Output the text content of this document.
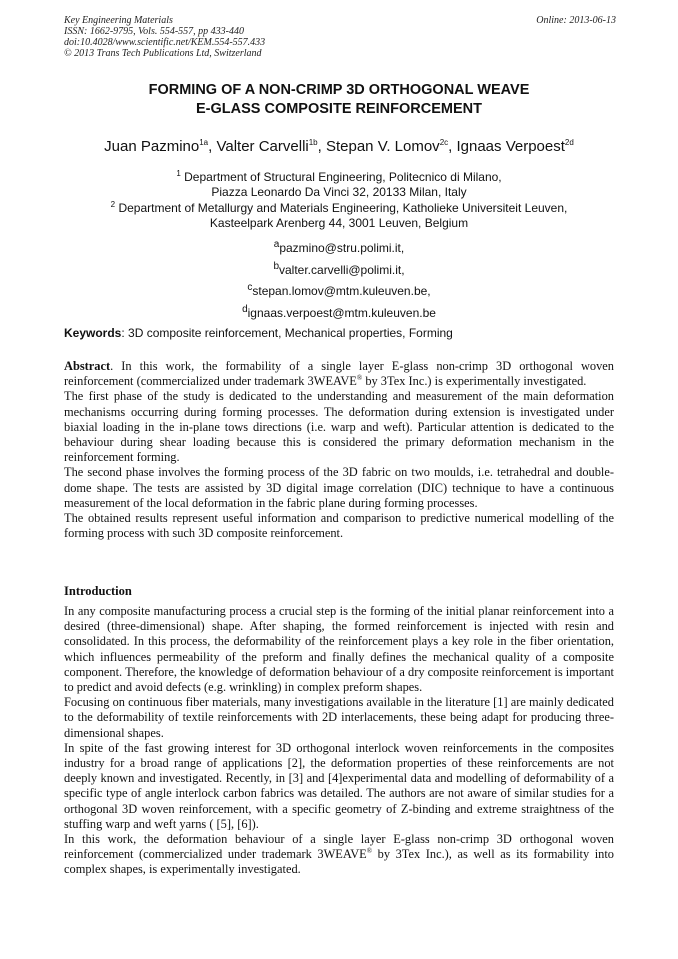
Key Engineering Materials
ISSN: 1662-9795, Vols. 554-557, pp 433-440
doi:10.4028/www.scientific.net/KEM.554-557.433
© 2013 Trans Tech Publications Ltd, Switzerland
Online: 2013-06-13
FORMING OF A NON-CRIMP 3D ORTHOGONAL WEAVE
E-GLASS COMPOSITE REINFORCEMENT
Juan Pazmino$^{1a}$, Valter Carvelli$^{1b}$, Stepan V. Lomov$^{2c}$, Ignaas Verpoest$^{2d}$
$^1$ Department of Structural Engineering, Politecnico di Milano,
Piazza Leonardo Da Vinci 32, 20133 Milan, Italy
$^2$ Department of Metallurgy and Materials Engineering, Katholieke Universiteit Leuven,
Kasteelpark Arenberg 44, 3001 Leuven, Belgium
$^a$pazmino@stru.polimi.it,
$^b$valter.carvelli@polimi.it,
$^c$stepan.lomov@mtm.kuleuven.be,
$^d$ignaas.verpoest@mtm.kuleuven.be
Keywords: 3D composite reinforcement, Mechanical properties, Forming

Abstract. In this work, the formability of a single layer E-glass non-crimp 3D orthogonal woven reinforcement (commercialized under trademark 3WEAVE® by 3Tex Inc.) is experimentally investigated.

The first phase of the study is dedicated to the understanding and measurement of the main deformation mechanisms occurring during forming processes. The deformation during extension is investigated under biaxial loading in the in-plane tows directions (i.e. warp and weft). Particular attention is dedicated to the behaviour during shear loading because this is considered the primary deformation mechanism in the reinforcement forming.

The second phase involves the forming process of the 3D fabric on two moulds, i.e. tetrahedral and double-dome shape. The tests are assisted by 3D digital image correlation (DIC) technique to have a continuous measurement of the local deformation in the fabric plane during forming processes.

The obtained results represent useful information and comparison to predictive numerical modelling of the forming process with such 3D composite reinforcement.

Introduction

In any composite manufacturing process a crucial step is the forming of the initial planar reinforcement into a desired (three-dimensional) shape. After shaping, the formed reinforcement is injected with resin and consolidated. In this process, the deformability of the reinforcement plays a key role in the fiber orientation, which influences permeability of the preform and finally defines the mechanical quality of a composite component. Therefore, the knowledge of deformation behaviour of a dry composite reinforcement is important to predict and avoid defects (e.g. wrinkling) in complex preform shapes.

Focusing on continuous fiber materials, many investigations available in the literature [1] are mainly dedicated to the deformability of textile reinforcements with 2D interlacements, these being adapt for producing three-dimensional shapes.

In spite of the fast growing interest for 3D orthogonal interlock woven reinforcements in the composites industry for a broad range of applications [2], the deformation properties of these reinforcements are not deeply known and investigated. Recently, in [3] and [4]experimental data and modelling of deformability of a specific type of angle interlock carbon fabrics was detailed. The authors are not aware of similar studies for a orthogonal 3D woven reinforcement, with a specific geometry of Z-binding and extreme straightness of the stuffing warp and weft yarns ( [5], [6]).

In this work, the deformation behaviour of a single layer E-glass non-crimp 3D orthogonal woven reinforcement (commercialized under trademark 3WEAVE® by 3Tex Inc.), as well as its formability into complex shapes, is experimentally investigated.
